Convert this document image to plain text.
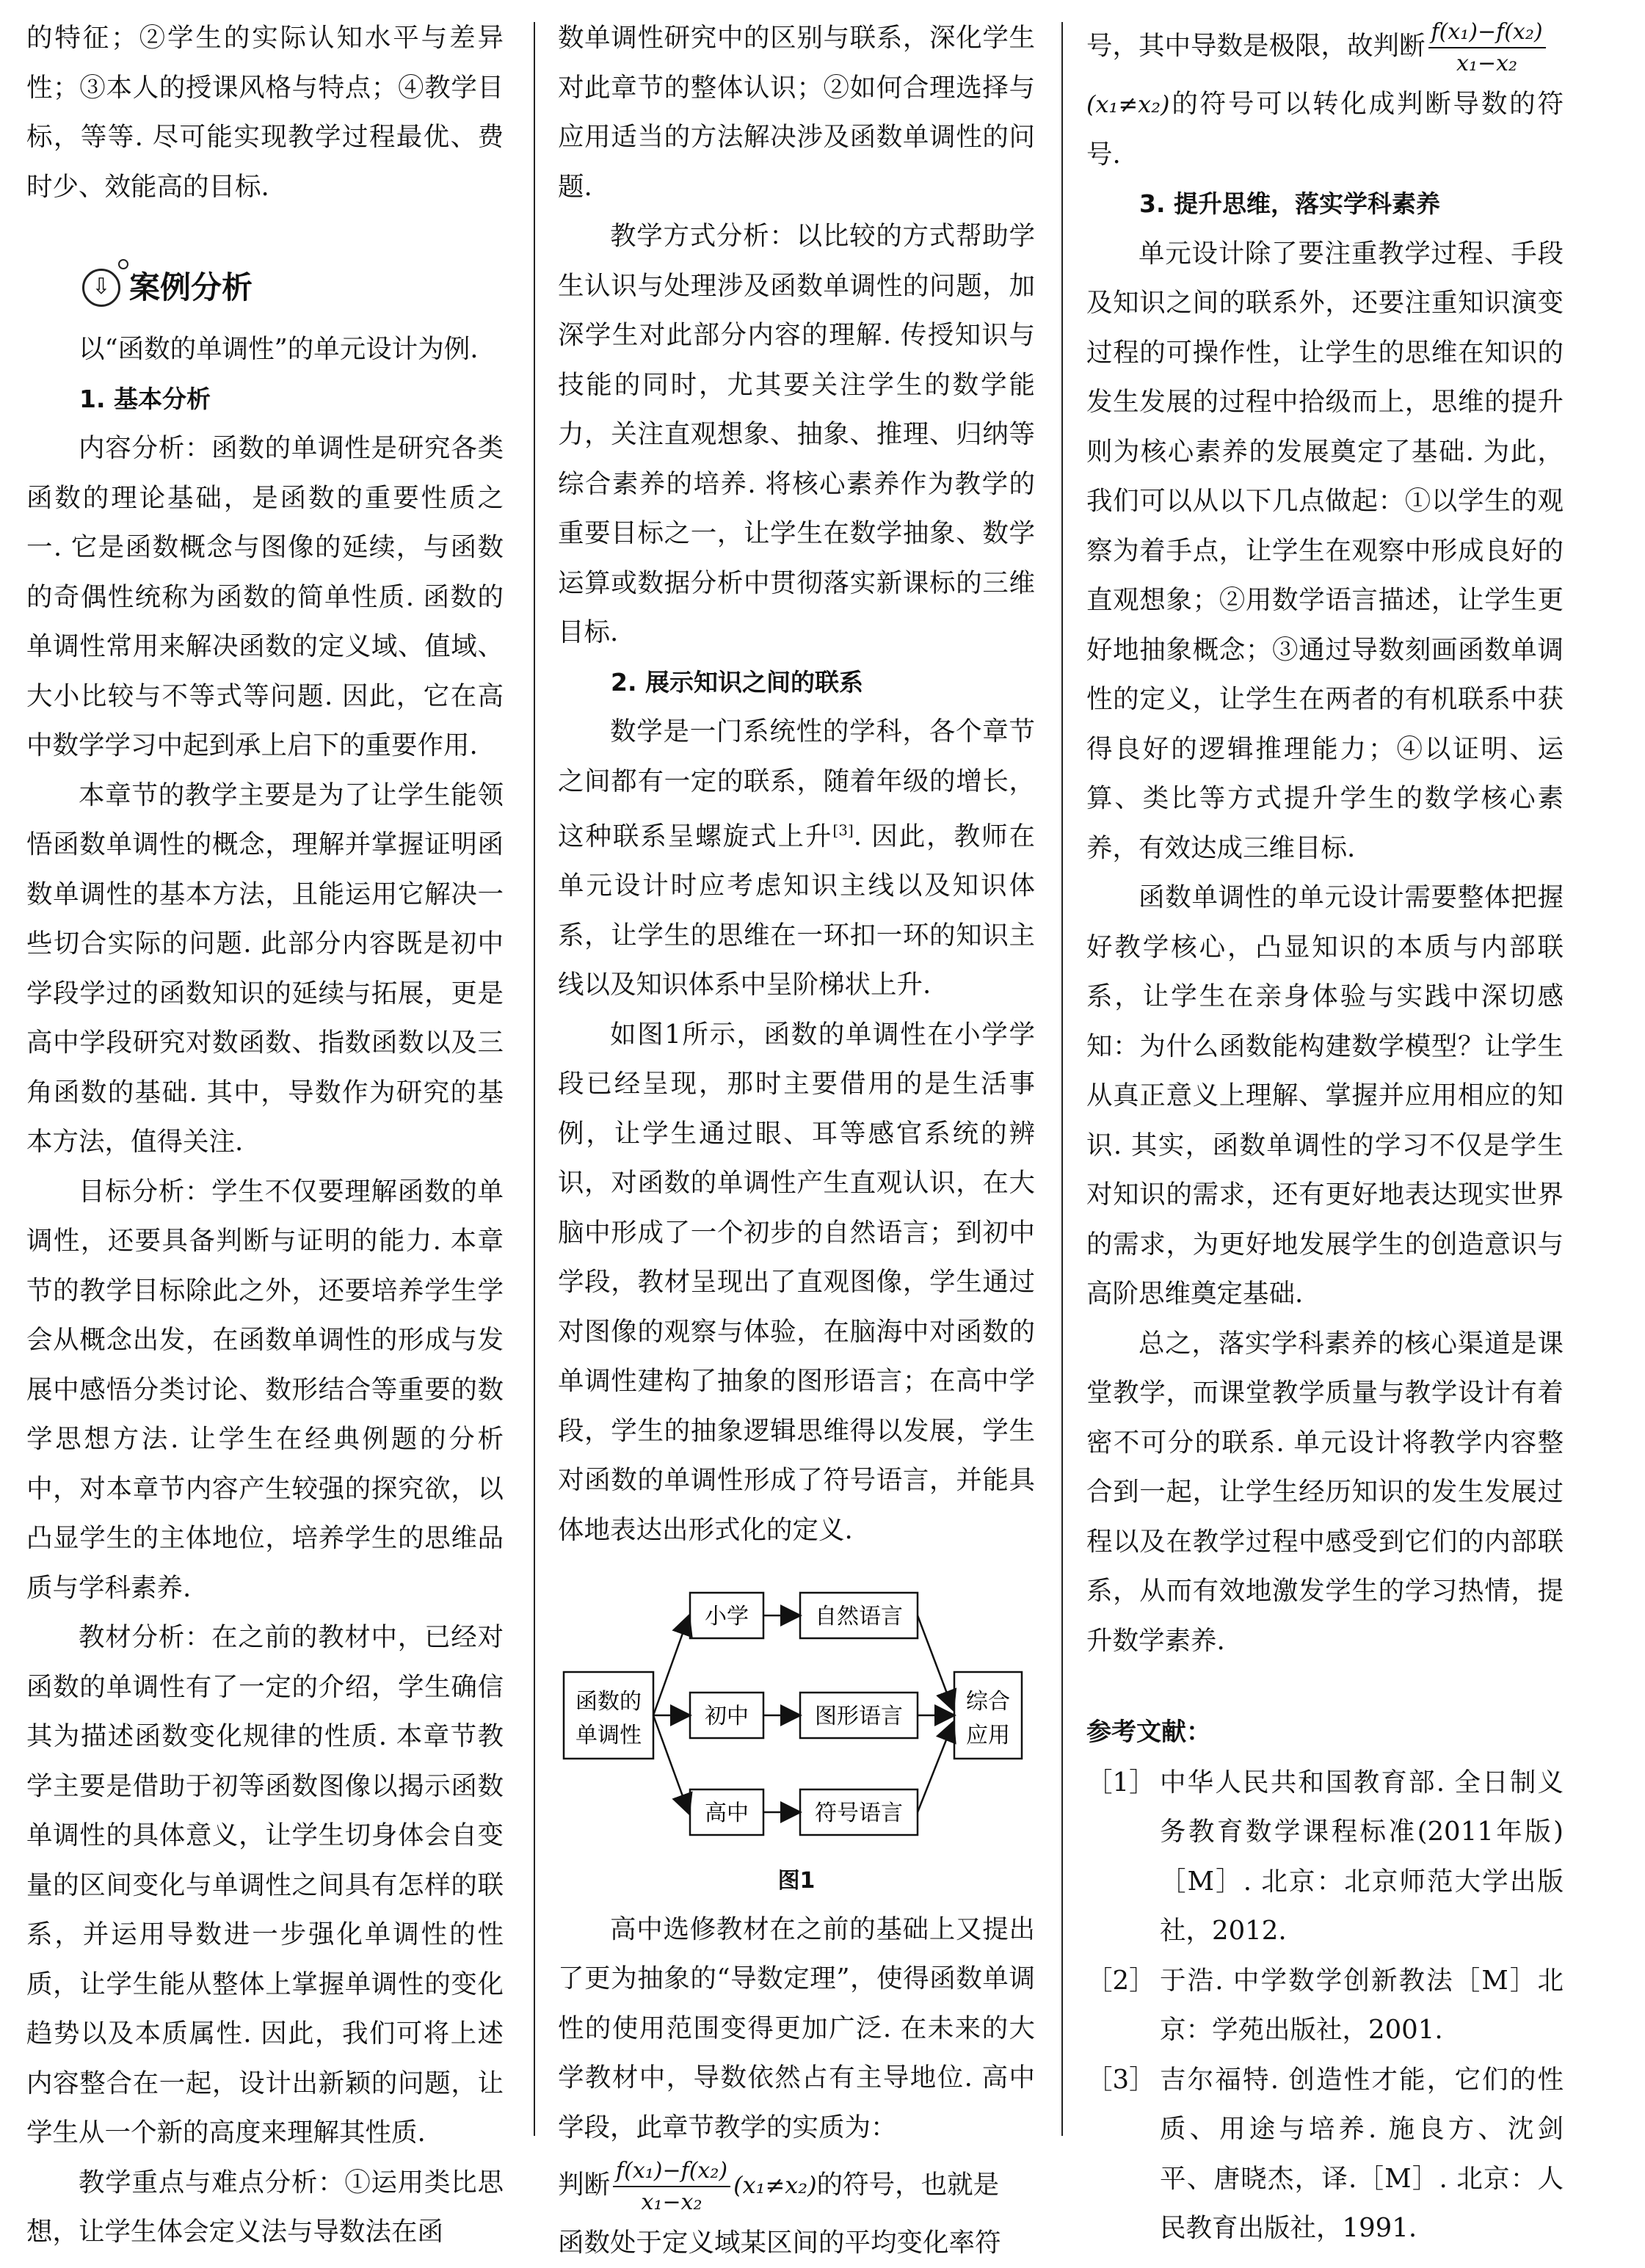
的特征；②学生的实际认知水平与差异性；③本人的授课风格与特点；④教学目标，等等. 尽可能实现教学过程最优、费时少、效能高的目标.

⇩ 案例分析

以“函数的单调性”的单元设计为例.

1. 基本分析

内容分析：函数的单调性是研究各类函数的理论基础，是函数的重要性质之一. 它是函数概念与图像的延续，与函数的奇偶性统称为函数的简单性质. 函数的单调性常用来解决函数的定义域、值域、大小比较与不等式等问题. 因此，它在高中数学学习中起到承上启下的重要作用.

本章节的教学主要是为了让学生能领悟函数单调性的概念，理解并掌握证明函数单调性的基本方法，且能运用它解决一些切合实际的问题. 此部分内容既是初中学段学过的函数知识的延续与拓展，更是高中学段研究对数函数、指数函数以及三角函数的基础. 其中，导数作为研究的基本方法，值得关注.

目标分析：学生不仅要理解函数的单调性，还要具备判断与证明的能力. 本章节的教学目标除此之外，还要培养学生学会从概念出发，在函数单调性的形成与发展中感悟分类讨论、数形结合等重要的数学思想方法. 让学生在经典例题的分析中，对本章节内容产生较强的探究欲，以凸显学生的主体地位，培养学生的思维品质与学科素养.

教材分析：在之前的教材中，已经对函数的单调性有了一定的介绍，学生确信其为描述函数变化规律的性质. 本章节教学主要是借助于初等函数图像以揭示函数单调性的具体意义，让学生切身体会自变量的区间变化与单调性之间具有怎样的联系，并运用导数进一步强化单调性的性质，让学生能从整体上掌握单调性的变化趋势以及本质属性. 因此，我们可将上述内容整合在一起，设计出新颖的问题，让学生从一个新的高度来理解其性质.

教学重点与难点分析：①运用类比思想，让学生体会定义法与导数法在函

数单调性研究中的区别与联系，深化学生对此章节的整体认识；②如何合理选择与应用适当的方法解决涉及函数单调性的问题.

教学方式分析：以比较的方式帮助学生认识与处理涉及函数单调性的问题，加深学生对此部分内容的理解. 传授知识与技能的同时，尤其要关注学生的数学能力，关注直观想象、抽象、推理、归纳等综合素养的培养. 将核心素养作为教学的重要目标之一，让学生在数学抽象、数学运算或数据分析中贯彻落实新课标的三维目标.

2. 展示知识之间的联系

数学是一门系统性的学科，各个章节之间都有一定的联系，随着年级的增长，这种联系呈螺旋式上升[3]. 因此，教师在单元设计时应考虑知识主线以及知识体系，让学生的思维在一环扣一环的知识主线以及知识体系中呈阶梯状上升.

如图1所示，函数的单调性在小学学段已经呈现，那时主要借用的是生活事例，让学生通过眼、耳等感官系统的辨识，对函数的单调性产生直观认识，在大脑中形成了一个初步的自然语言；到初中学段，教材呈现出了直观图像，学生通过对图像的观察与体验，在脑海中对函数的单调性建构了抽象的图形语言；在高中学段，学生的抽象逻辑思维得以发展，学生对函数的单调性形成了符号语言，并能具体地表达出形式化的定义.

函数的
单调性
小学
初中
高中
自然语言
图形语言
符号语言
综合
应用

图1

高中选修教材在之前的基础上又提出了更为抽象的“导数定理”，使得函数单调性的使用范围变得更加广泛. 在未来的大学教材中，导数依然占有主导地位. 高中学段，此章节教学的实质为：

判断 $\frac{\text{f(x₁)−f(x₂)}}{\text{x₁−x₂}} (x_1\ne x_2)$的符号，也就是

函数处于定义域某区间的平均变化率符

号，其中导数是极限，故判断 $\frac{\text{f(x₁)−f(x₂)}}{\text{x₁−x₂}}$

(x₁≠x₂)的符号可以转化成判断导数的符号.

3. 提升思维，落实学科素养

单元设计除了要注重教学过程、手段及知识之间的联系外，还要注重知识演变过程的可操作性，让学生的思维在知识的发生发展的过程中拾级而上，思维的提升则为核心素养的发展奠定了基础. 为此，我们可以从以下几点做起：①以学生的观察为着手点，让学生在观察中形成良好的直观想象；②用数学语言描述，让学生更好地抽象概念；③通过导数刻画函数单调性的定义，让学生在两者的有机联系中获得良好的逻辑推理能力；④以证明、运算、类比等方式提升学生的数学核心素养，有效达成三维目标.

函数单调性的单元设计需要整体把握好教学核心，凸显知识的本质与内部联系，让学生在亲身体验与实践中深切感知：为什么函数能构建数学模型？让学生从真正意义上理解、掌握并应用相应的知识. 其实，函数单调性的学习不仅是学生对知识的需求，还有更好地表达现实世界的需求，为更好地发展学生的创造意识与高阶思维奠定基础.

总之，落实学科素养的核心渠道是课堂教学，而课堂教学质量与教学设计有着密不可分的联系. 单元设计将教学内容整合到一起，让学生经历知识的发生发展过程以及在教学过程中感受到它们的内部联系，从而有效地激发学生的学习热情，提升数学素养.

参考文献：

［1］ 中华人民共和国教育部. 全日制义务教育数学课程标准(2011年版)［M］. 北京：北京师范大学出版社，2012.
［2］ 于浩. 中学数学创新教法［M］北京：学苑出版社，2001.
［3］ 吉尔福特. 创造性才能，它们的性质、用途与培养. 施良方、沈剑平、唐晓杰，译.［M］. 北京：人民教育出版社，1991.
